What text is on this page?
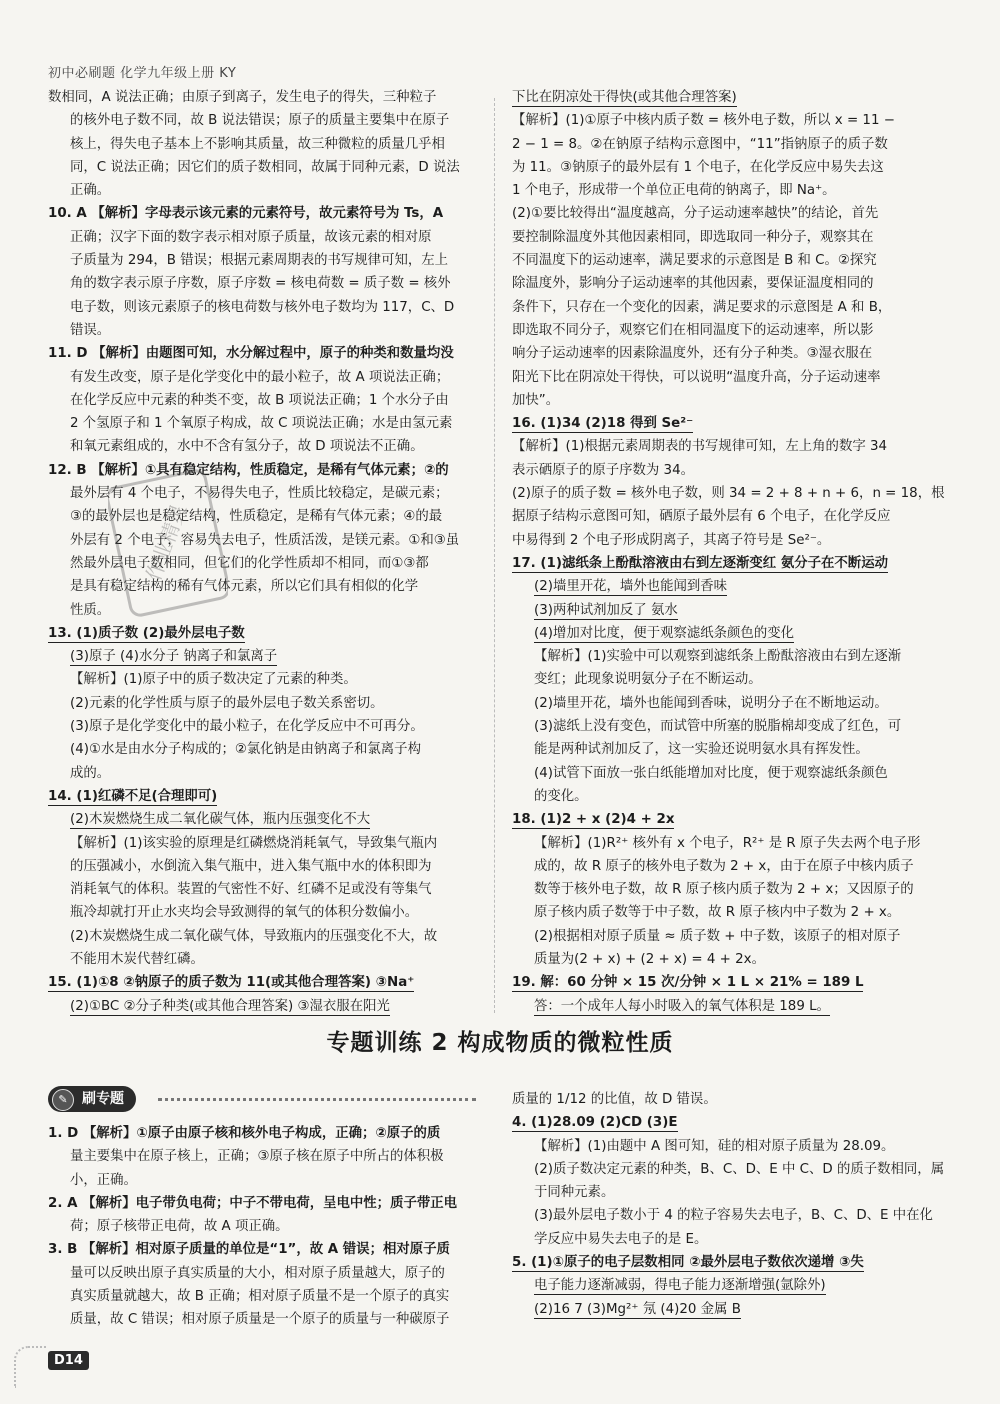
初中必刷题 化学九年级上册 KY

数相同，A 说法正确；由原子到离子，发生电子的得失，三种粒子

的核外电子数不同，故 B 说法错误；原子的质量主要集中在原子

核上，得失电子基本上不影响其质量，故三种微粒的质量几乎相

同，C 说法正确；因它们的质子数相同，故属于同种元素，D 说法

正确。

10. A 【解析】字母表示该元素的元素符号，故元素符号为 Ts，A

正确；汉字下面的数字表示相对原子质量，故该元素的相对原

子质量为 294，B 错误；根据元素周期表的书写规律可知，左上

角的数字表示原子序数，原子序数 = 核电荷数 = 质子数 = 核外

电子数，则该元素原子的核电荷数与核外电子数均为 117，C、D

错误。

11. D 【解析】由题图可知，水分解过程中，原子的种类和数量均没

有发生改变，原子是化学变化中的最小粒子，故 A 项说法正确；

在化学反应中元素的种类不变，故 B 项说法正确；1 个水分子由

2 个氢原子和 1 个氧原子构成，故 C 项说法正确；水是由氢元素

和氧元素组成的，水中不含有氢分子，故 D 项说法不正确。

12. B 【解析】①具有稳定结构，性质稳定，是稀有气体元素；②的

最外层有 4 个电子，不易得失电子，性质比较稳定，是碳元素；

③的最外层也是稳定结构，性质稳定，是稀有气体元素；④的最

外层有 2 个电子，容易失去电子，性质活泼，是镁元素。①和③虽

然最外层电子数相同，但它们的化学性质却不相同，而①③都

是具有稳定结构的稀有气体元素，所以它们具有相似的化学

性质。

13. (1)质子数 (2)最外层电子数

(3)原子 (4)水分子 钠离子和氯离子

【解析】(1)原子中的质子数决定了元素的种类。

(2)元素的化学性质与原子的最外层电子数关系密切。

(3)原子是化学变化中的最小粒子，在化学反应中不可再分。

(4)①水是由水分子构成的；②氯化钠是由钠离子和氯离子构

成的。

14. (1)红磷不足(合理即可)

(2)木炭燃烧生成二氧化碳气体，瓶内压强变化不大

【解析】(1)该实验的原理是红磷燃烧消耗氧气，导致集气瓶内

的压强减小，水倒流入集气瓶中，进入集气瓶中水的体积即为

消耗氧气的体积。装置的气密性不好、红磷不足或没有等集气

瓶冷却就打开止水夹均会导致测得的氧气的体积分数偏小。

(2)木炭燃烧生成二氧化碳气体，导致瓶内的压强变化不大，故

不能用木炭代替红磷。

15. (1)①8 ②钠原子的质子数为 11(或其他合理答案) ③Na⁺

(2)①BC ②分子种类(或其他合理答案) ③湿衣服在阳光

作业精灵

下比在阴凉处干得快(或其他合理答案)

【解析】(1)①原子中核内质子数 = 核外电子数，所以 x = 11 −

2 − 1 = 8。②在钠原子结构示意图中，“11”指钠原子的质子数

为 11。③钠原子的最外层有 1 个电子，在化学反应中易失去这

1 个电子，形成带一个单位正电荷的钠离子，即 Na⁺。

(2)①要比较得出“温度越高，分子运动速率越快”的结论，首先

要控制除温度外其他因素相同，即选取同一种分子，观察其在

不同温度下的运动速率，满足要求的示意图是 B 和 C。②探究

除温度外，影响分子运动速率的其他因素，要保证温度相同的

条件下，只存在一个变化的因素，满足要求的示意图是 A 和 B，

即选取不同分子，观察它们在相同温度下的运动速率，所以影

响分子运动速率的因素除温度外，还有分子种类。③湿衣服在

阳光下比在阴凉处干得快，可以说明“温度升高，分子运动速率

加快”。

16. (1)34 (2)18 得到 Se²⁻

【解析】(1)根据元素周期表的书写规律可知，左上角的数字 34

表示硒原子的原子序数为 34。

(2)原子的质子数 = 核外电子数，则 34 = 2 + 8 + n + 6，n = 18，根

据原子结构示意图可知，硒原子最外层有 6 个电子，在化学反应

中易得到 2 个电子形成阴离子，其离子符号是 Se²⁻。

17. (1)滤纸条上酚酞溶液由右到左逐渐变红 氨分子在不断运动

(2)墙里开花，墙外也能闻到香味

(3)两种试剂加反了 氨水

(4)增加对比度，便于观察滤纸条颜色的变化

【解析】(1)实验中可以观察到滤纸条上酚酞溶液由右到左逐渐

变红；此现象说明氨分子在不断运动。

(2)墙里开花，墙外也能闻到香味，说明分子在不断地运动。

(3)滤纸上没有变色，而试管中所塞的脱脂棉却变成了红色，可

能是两种试剂加反了，这一实验还说明氨水具有挥发性。

(4)试管下面放一张白纸能增加对比度，便于观察滤纸条颜色

的变化。

18. (1)2 + x (2)4 + 2x

【解析】(1)R²⁺ 核外有 x 个电子，R²⁺ 是 R 原子失去两个电子形

成的，故 R 原子的核外电子数为 2 + x，由于在原子中核内质子

数等于核外电子数，故 R 原子核内质子数为 2 + x；又因原子的

原子核内质子数等于中子数，故 R 原子核内中子数为 2 + x。

(2)根据相对原子质量 ≈ 质子数 + 中子数，该原子的相对原子

质量为(2 + x) + (2 + x) = 4 + 2x。

19. 解：60 分钟 × 15 次/分钟 × 1 L × 21% = 189 L

答：一个成年人每小时吸入的氧气体积是 189 L。

专题训练 2 构成物质的微粒性质
✎	刷专题

1. D 【解析】①原子由原子核和核外电子构成，正确；②原子的质

量主要集中在原子核上，正确；③原子核在原子中所占的体积极

小，正确。

2. A 【解析】电子带负电荷；中子不带电荷，呈电中性；质子带正电

荷；原子核带正电荷，故 A 项正确。

3. B 【解析】相对原子质量的单位是“1”，故 A 错误；相对原子质

量可以反映出原子真实质量的大小，相对原子质量越大，原子的

真实质量就越大，故 B 正确；相对原子质量不是一个原子的真实

质量，故 C 错误；相对原子质量是一个原子的质量与一种碳原子

质量的 1/12 的比值，故 D 错误。

4. (1)28.09 (2)CD (3)E

【解析】(1)由题中 A 图可知，硅的相对原子质量为 28.09。

(2)质子数决定元素的种类，B、C、D、E 中 C、D 的质子数相同，属

于同种元素。

(3)最外层电子数小于 4 的粒子容易失去电子，B、C、D、E 中在化

学反应中易失去电子的是 E。

5. (1)①原子的电子层数相同 ②最外层电子数依次递增 ③失

电子能力逐渐减弱，得电子能力逐渐增强(氩除外)

(2)16 7 (3)Mg²⁺ 氖 (4)20 金属 B

D14
